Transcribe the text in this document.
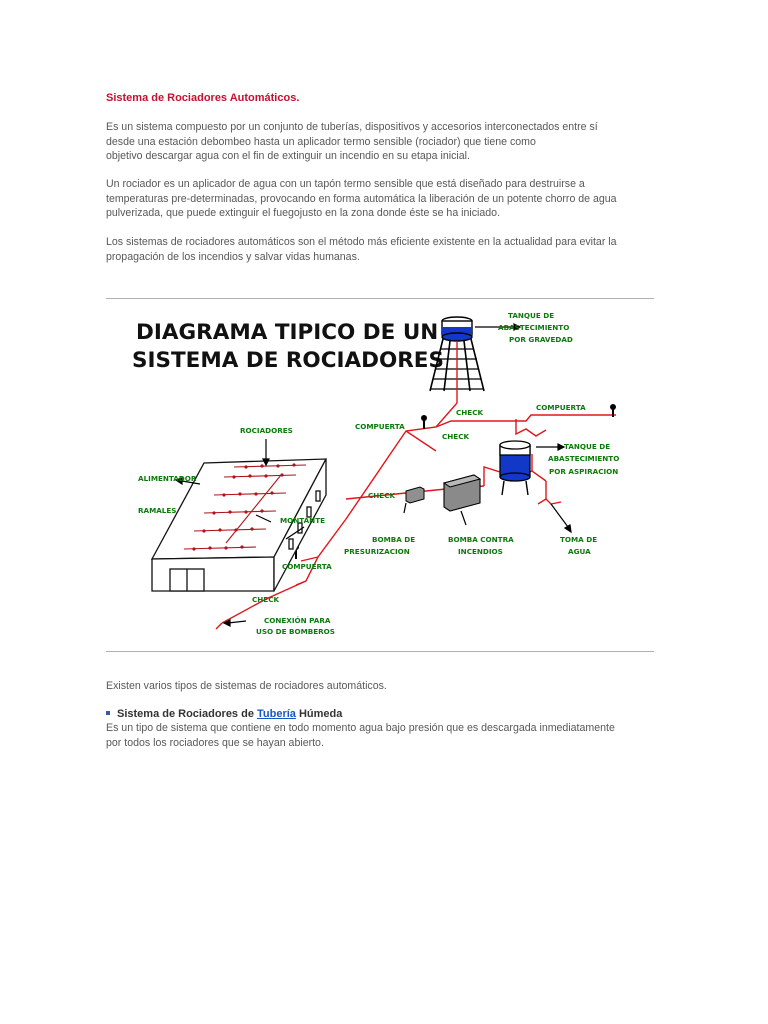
Sistema de Rociadores Automáticos.
Es un sistema compuesto por un conjunto de tuberías, dispositivos y accesorios interconectados entre sí
desde una estación debombeo hasta un aplicador termo sensible (rociador) que tiene como
objetivo descargar agua con el fin de extinguir un incendio en su etapa inicial.
Un rociador es un aplicador de agua con un tapón termo sensible que está diseñado para destruirse a
temperaturas pre-determinadas, provocando en forma automática la liberación de un potente chorro de agua
pulverizada, que puede extinguir el fuegojusto en la zona donde éste se ha iniciado.
Los sistemas de rociadores automáticos son el método más eficiente existente en la actualidad para evitar la
propagación de los incendios y salvar vidas humanas.
Existen varios tipos de sistemas de rociadores automáticos.
Sistema de Rociadores de Tubería Húmeda
Es un tipo de sistema que contiene en todo momento agua bajo presión que es descargada inmediatamente
por todos los rociadores que se hayan abierto.
DIAGRAMA TIPICO DE UN
SISTEMA DE ROCIADORES
TANQUE DE
ABASTECIMIENTO
POR GRAVEDAD
CHECK
COMPUERTA
COMPUERTA
CHECK
ROCIADORES
TANQUE DE
ABASTECIMIENTO
POR ASPIRACION
ALIMENTADOR
CHECK
RAMALES
MONTANTE
BOMBA DE
PRESURIZACION
BOMBA CONTRA
INCENDIOS
TOMA DE
AGUA
COMPUERTA
CHECK
CONEXIÓN PARA
USO DE BOMBEROS
